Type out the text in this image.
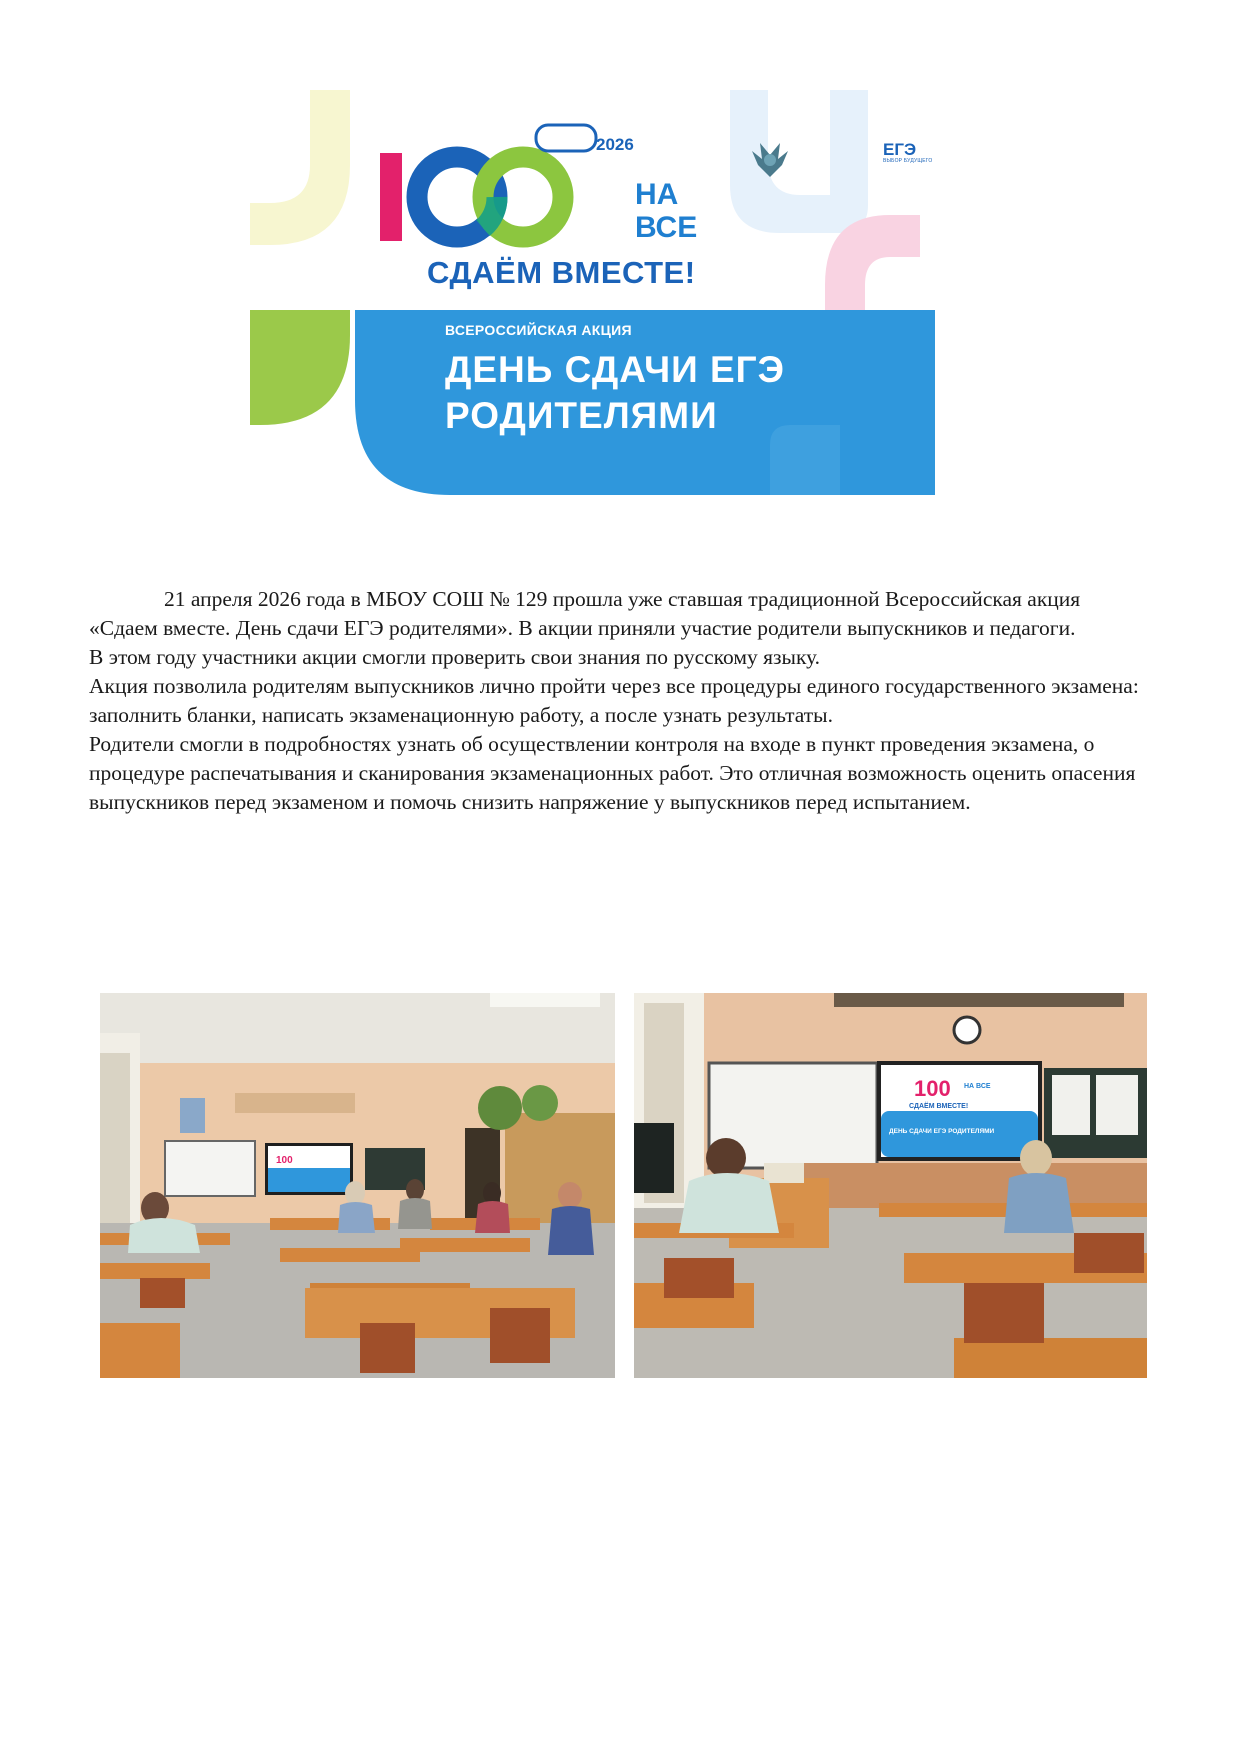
2026
НА ВСЕ
СДАЁМ ВМЕСТЕ!
ВСЕРОССИЙСКАЯ АКЦИЯ
ДЕНЬ СДАЧИ ЕГЭ РОДИТЕЛЯМИ
ЕГЭ
ВЫБОР БУДУЩЕГО

21 апреля 2026 года в МБОУ СОШ № 129 прошла уже ставшая традиционной Всероссийская акция «Сдаем вместе. День сдачи ЕГЭ родителями». В акции приняли участие родители выпускников и педагоги.

В этом году участники акции смогли проверить свои знания по русскому языку.

Акция позволила родителям выпускников лично пройти через все процедуры единого государственного экзамена: заполнить бланки, написать экзаменационную работу, а после узнать результаты.

Родители смогли в подробностях узнать об осуществлении контроля на входе в пункт проведения экзамена, о процедуре распечатывания и сканирования экзаменационных работ. Это отличная возможность оценить опасения выпускников перед экзаменом и помочь снизить напряжение у выпускников перед испытанием.

100
100 НА ВСЕ
СДАЁМ ВМЕСТЕ!
ДЕНЬ СДАЧИ ЕГЭ РОДИТЕЛЯМИ
